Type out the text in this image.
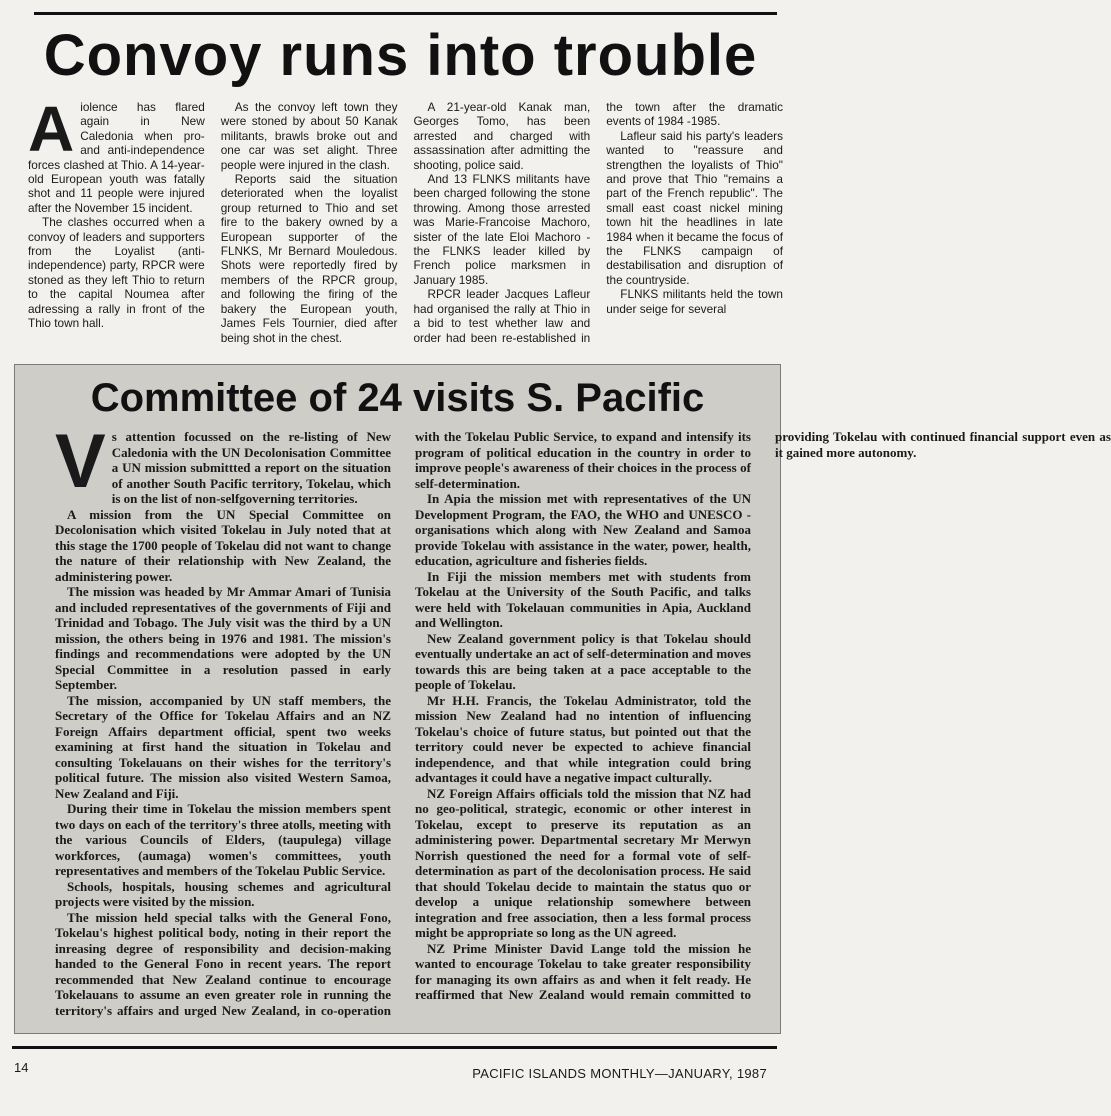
Convoy runs into trouble

Aiolence has flared again in New Caledonia when pro-and anti-independence forces clashed at Thio. A 14-year-old European youth was fatally shot and 11 people were injured after the November 15 incident.

The clashes occurred when a convoy of leaders and supporters from the Loyalist (anti-independence) party, RPCR were stoned as they left Thio to return to the capital Noumea after adressing a rally in front of the Thio town hall.

As the convoy left town they were stoned by about 50 Kanak militants, brawls broke out and one car was set alight. Three people were injured in the clash.

Reports said the situation deteriorated when the loyalist group returned to Thio and set fire to the bakery owned by a European supporter of the FLNKS, Mr Bernard Mouledous. Shots were reportedly fired by members of the RPCR group, and following the firing of the bakery the European youth, James Fels Tournier, died after being shot in the chest.

A 21-year-old Kanak man, Georges Tomo, has been arrested and charged with assassination after admitting the shooting, police said.

And 13 FLNKS militants have been charged following the stone throwing. Among those arrested was Marie-Francoise Machoro, sister of the late Eloi Machoro - the FLNKS leader killed by French police marksmen in January 1985.

RPCR leader Jacques Lafleur had organised the rally at Thio in a bid to test whether law and order had been re-established in the town after the dramatic events of 1984 -1985.

Lafleur said his party's leaders wanted to "reassure and strengthen the loyalists of Thio" and prove that Thio "remains a part of the French republic". The small east coast nickel mining town hit the headlines in late 1984 when it became the focus of the FLNKS campaign of destabilisation and disruption of the countryside.

FLNKS militants held the town under seige for several

Committee of 24 visits S. Pacific

Vs attention focussed on the re-listing of New Caledonia with the UN Decolonisation Committee a UN mission submittted a report on the situation of another South Pacific territory, Tokelau, which is on the list of non-selfgoverning territories.

A mission from the UN Special Committee on Decolonisation which visited Tokelau in July noted that at this stage the 1700 people of Tokelau did not want to change the nature of their relationship with New Zealand, the administering power.

The mission was headed by Mr Ammar Amari of Tunisia and included representatives of the governments of Fiji and Trinidad and Tobago. The July visit was the third by a UN mission, the others being in 1976 and 1981. The mission's findings and recommendations were adopted by the UN Special Committee in a resolution passed in early September.

The mission, accompanied by UN staff members, the Secretary of the Office for Tokelau Affairs and an NZ Foreign Affairs department official, spent two weeks examining at first hand the situation in Tokelau and consulting Tokelauans on their wishes for the territory's political future. The mission also visited Western Samoa, New Zealand and Fiji.

During their time in Tokelau the mission members spent two days on each of the territory's three atolls, meeting with the various Councils of Elders, (taupulega) village workforces, (aumaga) women's committees, youth representatives and members of the Tokelau Public Service.

Schools, hospitals, housing schemes and agricultural projects were visited by the mission.

The mission held special talks with the General Fono, Tokelau's highest political body, noting in their report the inreasing degree of responsibility and decision-making handed to the General Fono in recent years. The report recommended that New Zealand continue to encourage Tokelauans to assume an even greater role in running the territory's affairs and urged New Zealand, in co-operation with the Tokelau Public Service, to expand and intensify its program of political education in the country in order to improve people's awareness of their choices in the process of self-determination.

In Apia the mission met with representatives of the UN Development Program, the FAO, the WHO and UNESCO - organisations which along with New Zealand and Samoa provide Tokelau with assistance in the water, power, health, education, agriculture and fisheries fields.

In Fiji the mission members met with students from Tokelau at the University of the South Pacific, and talks were held with Tokelauan communities in Apia, Auckland and Wellington.

New Zealand government policy is that Tokelau should eventually undertake an act of self-determination and moves towards this are being taken at a pace acceptable to the people of Tokelau.

Mr H.H. Francis, the Tokelau Administrator, told the mission New Zealand had no intention of influencing Tokelau's choice of future status, but pointed out that the territory could never be expected to achieve financial independence, and that while integration could bring advantages it could have a negative impact culturally.

NZ Foreign Affairs officials told the mission that NZ had no geo-political, strategic, economic or other interest in Tokelau, except to preserve its reputation as an administering power. Departmental secretary Mr Merwyn Norrish questioned the need for a formal vote of self-determination as part of the decolonisation process. He said that should Tokelau decide to maintain the status quo or develop a unique relationship somewhere between integration and free association, then a less formal process might be appropriate so long as the UN agreed.

NZ Prime Minister David Lange told the mission he wanted to encourage Tokelau to take greater responsibility for managing its own affairs as and when it felt ready. He reaffirmed that New Zealand would remain committed to providing Tokelau with continued financial support even as it gained more autonomy.

14	PACIFIC ISLANDS MONTHLY—JANUARY, 1987
